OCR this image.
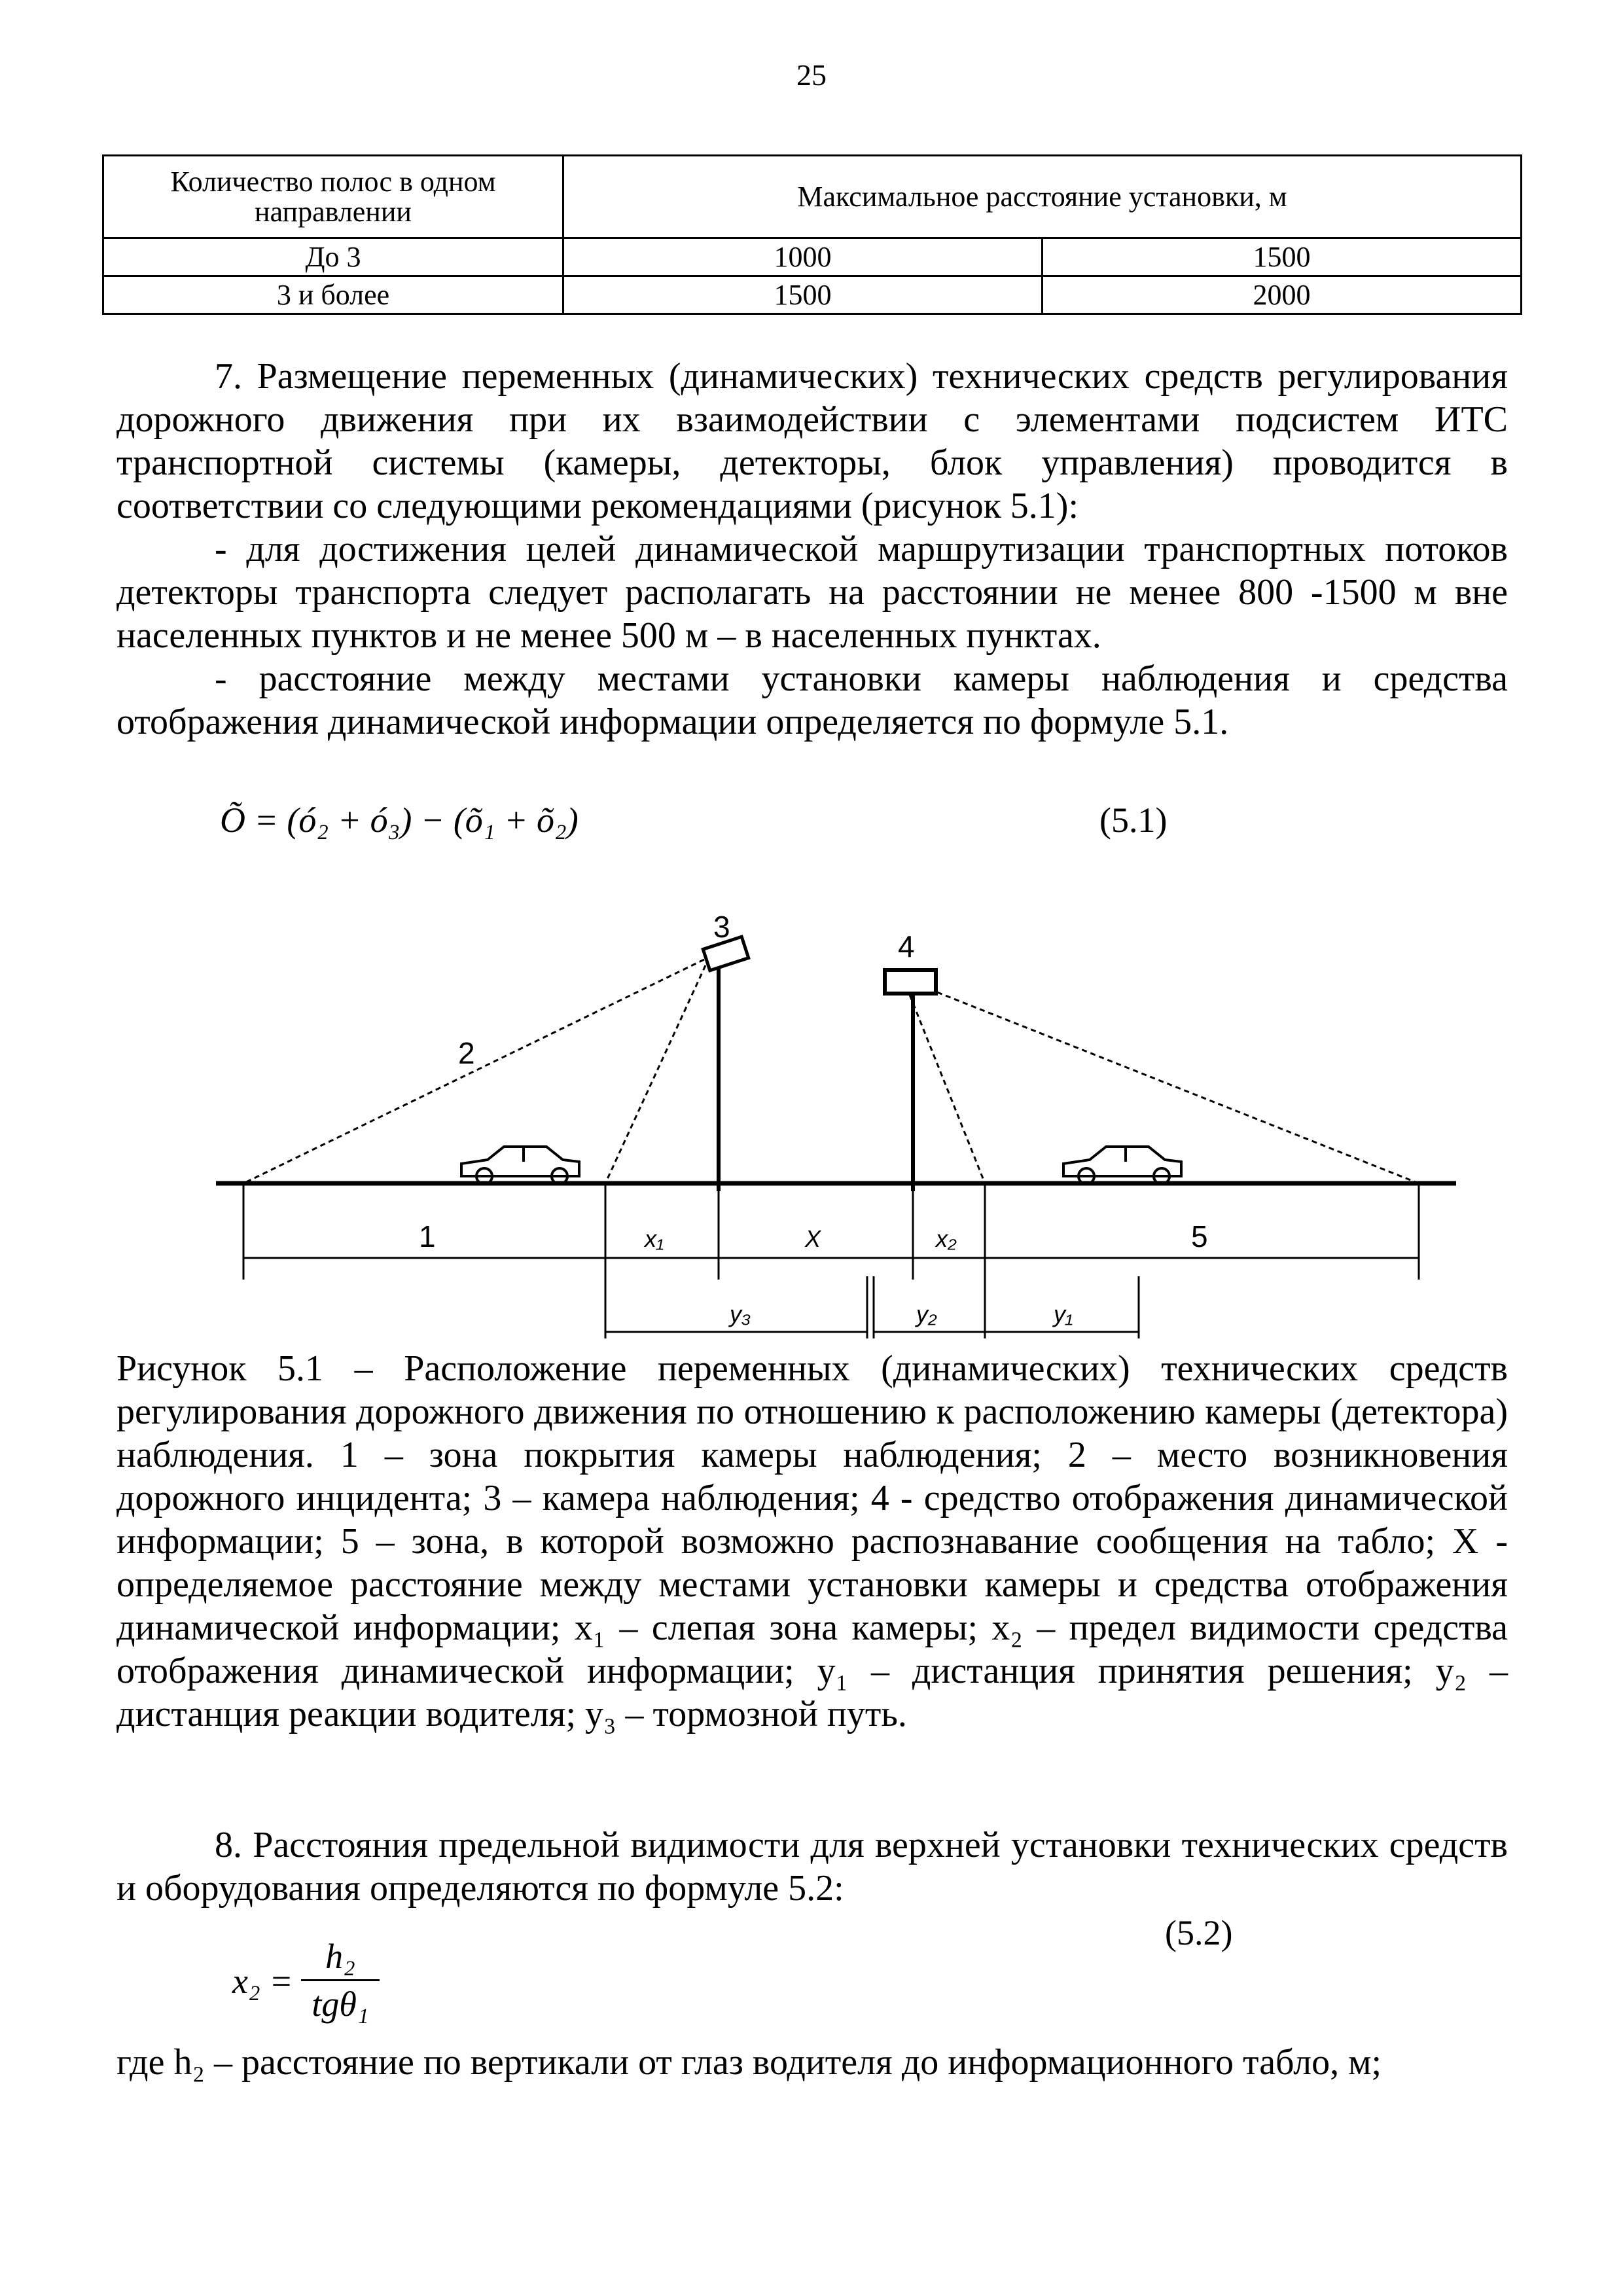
25
Количество полос в одном направлении	Максимальное расстояние установки, м	
До 3	1000	1500
3 и более	1500	2000

7. Размещение переменных (динамических) технических средств регулирования дорожного движения при их взаимодействии с элементами подсистем ИТС транспортной системы (камеры, детекторы, блок управления) проводится в соответствии со следующими рекомендациями (рисунок 5.1):

- для достижения целей динамической маршрутизации транспортных потоков детекторы транспорта следует располагать на расстоянии не менее 800 -1500 м вне населенных пунктов и не менее 500 м – в населенных пунктах.

- расстояние между местами установки камеры наблюдения и средства отображения динамической информации определяется по формуле 5.1.

Õ = (ó₂ + ó₃) − (õ₁ + õ₂)	(5.1)
3
4
2
1	5
x₁	X	x₂
y₃	y₂	y₁
Рисунок 5.1 – Расположение переменных (динамических) технических средств регулирования дорожного движения по отношению к расположению камеры (детектора) наблюдения. 1 – зона покрытия камеры наблюдения; 2 – место возникновения дорожного инцидента; 3 – камера наблюдения; 4 - средство отображения динамической информации; 5 – зона, в которой возможно распознавание сообщения на табло; X - определяемое расстояние между местами установки камеры и средства отображения динамической информации; x₁ – слепая зона камеры; x₂ – предел видимости средства отображения динамической информации; y₁ – дистанция принятия решения; y₂ – дистанция реакции водителя; y₃ – тормозной путь.
8. Расстояния предельной видимости для верхней установки технических средств и оборудования определяются по формуле 5.2:
(5.2)
x₂ =
h₂
tgθ₁
где h₂ – расстояние по вертикали от глаз водителя до информационного табло, м;
